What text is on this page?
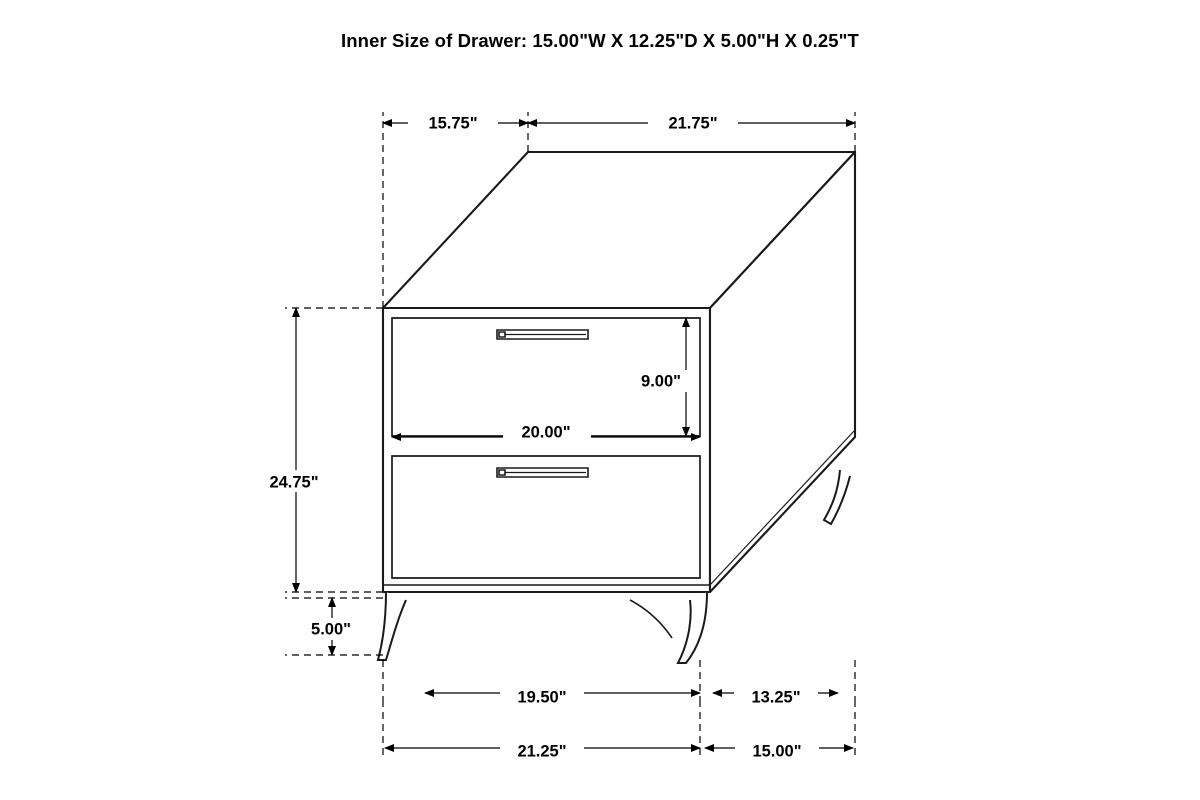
Inner Size of Drawer: 15.00"W X 12.25"D X 5.00"H X 0.25"T
15.75"	21.75"
24.75"
5.00"
9.00"
20.00"
19.50"	13.25"
21.25"	15.00"
